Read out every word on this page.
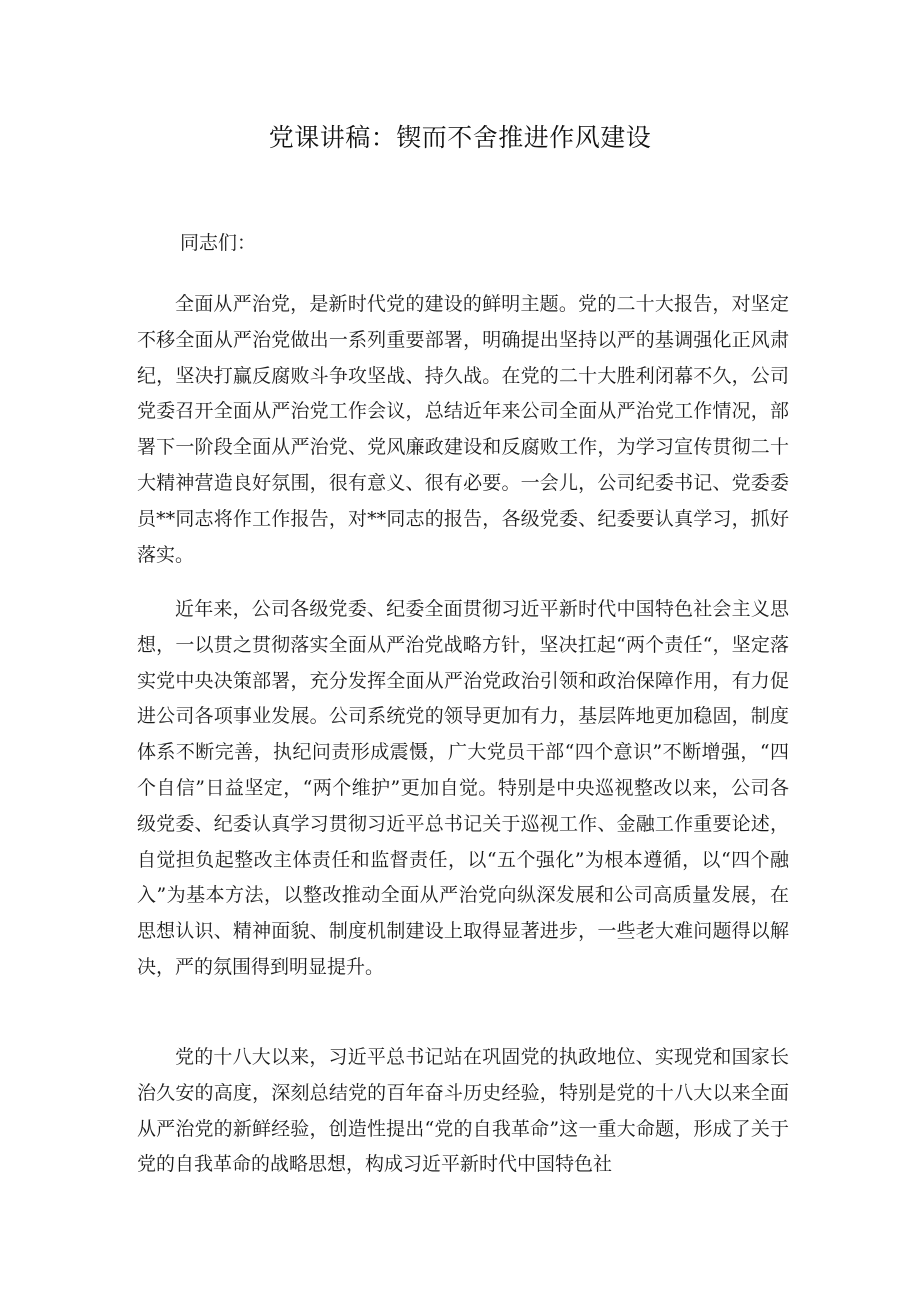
党课讲稿：锲而不舍推进作风建设

同志们：

全面从严治党，是新时代党的建设的鲜明主题。党的二十大报告，对坚定不移全面从严治党做出一系列重要部署，明确提出坚持以严的基调强化正风肃纪，坚决打赢反腐败斗争攻坚战、持久战。在党的二十大胜利闭幕不久，公司党委召开全面从严治党工作会议，总结近年来公司全面从严治党工作情况，部署下一阶段全面从严治党、党风廉政建设和反腐败工作，为学习宣传贯彻二十大精神营造良好氛围，很有意义、很有必要。一会儿，公司纪委书记、党委委员**同志将作工作报告，对**同志的报告，各级党委、纪委要认真学习，抓好落实。

近年来，公司各级党委、纪委全面贯彻习近平新时代中国特色社会主义思想，一以贯之贯彻落实全面从严治党战略方针，坚决扛起“两个责任“，坚定落实党中央决策部署，充分发挥全面从严治党政治引领和政治保障作用，有力促进公司各项事业发展。公司系统党的领导更加有力，基层阵地更加稳固，制度体系不断完善，执纪问责形成震慑，广大党员干部“四个意识”不断增强，“四个自信”日益坚定，“两个维护”更加自觉。特别是中央巡视整改以来，公司各级党委、纪委认真学习贯彻习近平总书记关于巡视工作、金融工作重要论述，自觉担负起整改主体责任和监督责任，以“五个强化”为根本遵循，以“四个融入”为基本方法，以整改推动全面从严治党向纵深发展和公司高质量发展，在思想认识、精神面貌、制度机制建设上取得显著进步，一些老大难问题得以解决，严的氛围得到明显提升。

党的十八大以来，习近平总书记站在巩固党的执政地位、实现党和国家长治久安的高度，深刻总结党的百年奋斗历史经验，特别是党的十八大以来全面从严治党的新鲜经验，创造性提出“党的自我革命”这一重大命题，形成了关于党的自我革命的战略思想，构成习近平新时代中国特色社
